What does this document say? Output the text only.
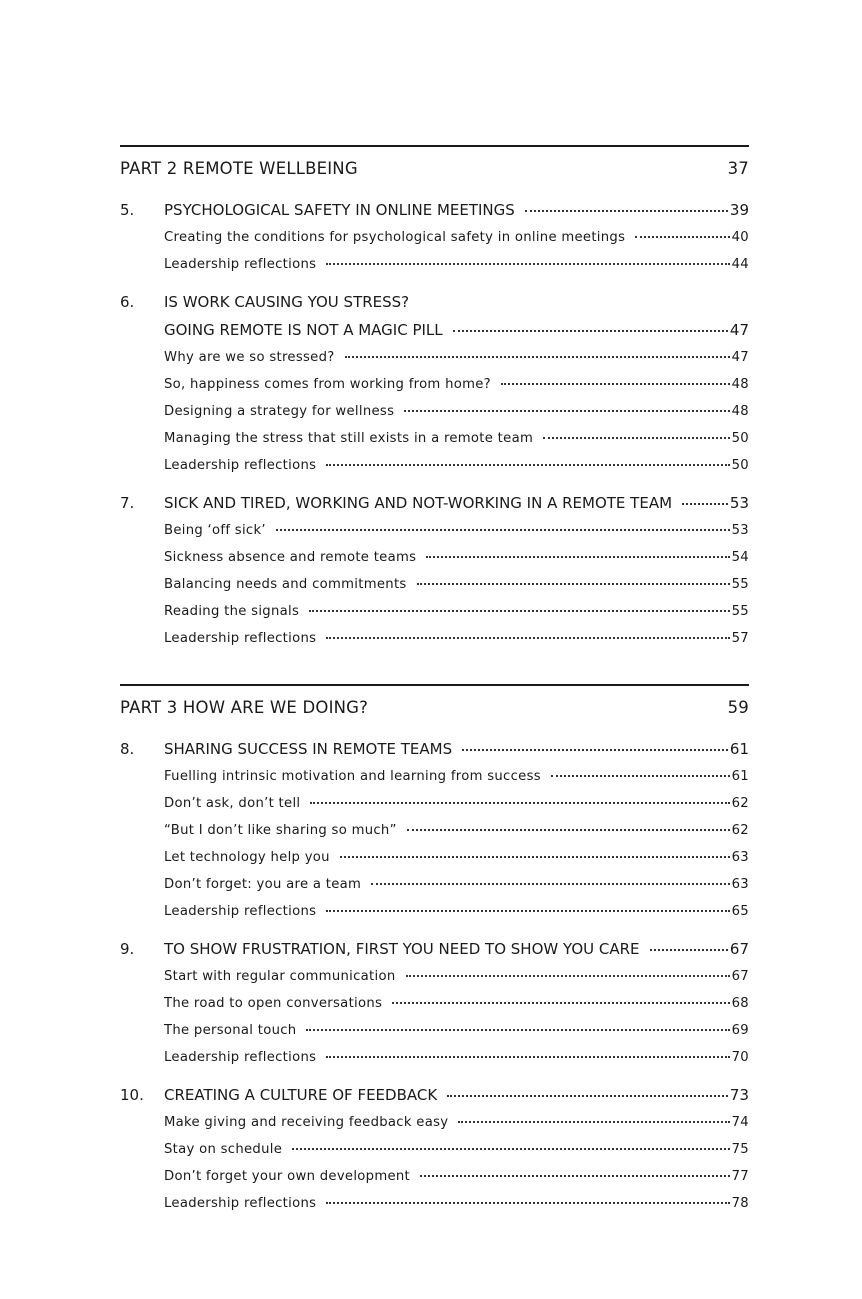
PART 2 REMOTE WELLBEING	37
5.	PSYCHOLOGICAL SAFETY IN ONLINE MEETINGS	39
Creating the conditions for psychological safety in online meetings	40
Leadership reflections	44
6.	IS WORK CAUSING YOU STRESS?
GOING REMOTE IS NOT A MAGIC PILL	47
Why are we so stressed?	47
So, happiness comes from working from home?	48
Designing a strategy for wellness	48
Managing the stress that still exists in a remote team	50
Leadership reflections	50
7.	SICK AND TIRED, WORKING AND NOT-WORKING IN A REMOTE TEAM	53
Being ‘off sick’	53
Sickness absence and remote teams	54
Balancing needs and commitments	55
Reading the signals	55
Leadership reflections	57
PART 3 HOW ARE WE DOING?	59
8.	SHARING SUCCESS IN REMOTE TEAMS	61
Fuelling intrinsic motivation and learning from success	61
Don’t ask, don’t tell	62
“But I don’t like sharing so much”	62
Let technology help you	63
Don’t forget: you are a team	63
Leadership reflections	65
9.	TO SHOW FRUSTRATION, FIRST YOU NEED TO SHOW YOU CARE	67
Start with regular communication	67
The road to open conversations	68
The personal touch	69
Leadership reflections	70
10.	CREATING A CULTURE OF FEEDBACK	73
Make giving and receiving feedback easy	74
Stay on schedule	75
Don’t forget your own development	77
Leadership reflections	78
